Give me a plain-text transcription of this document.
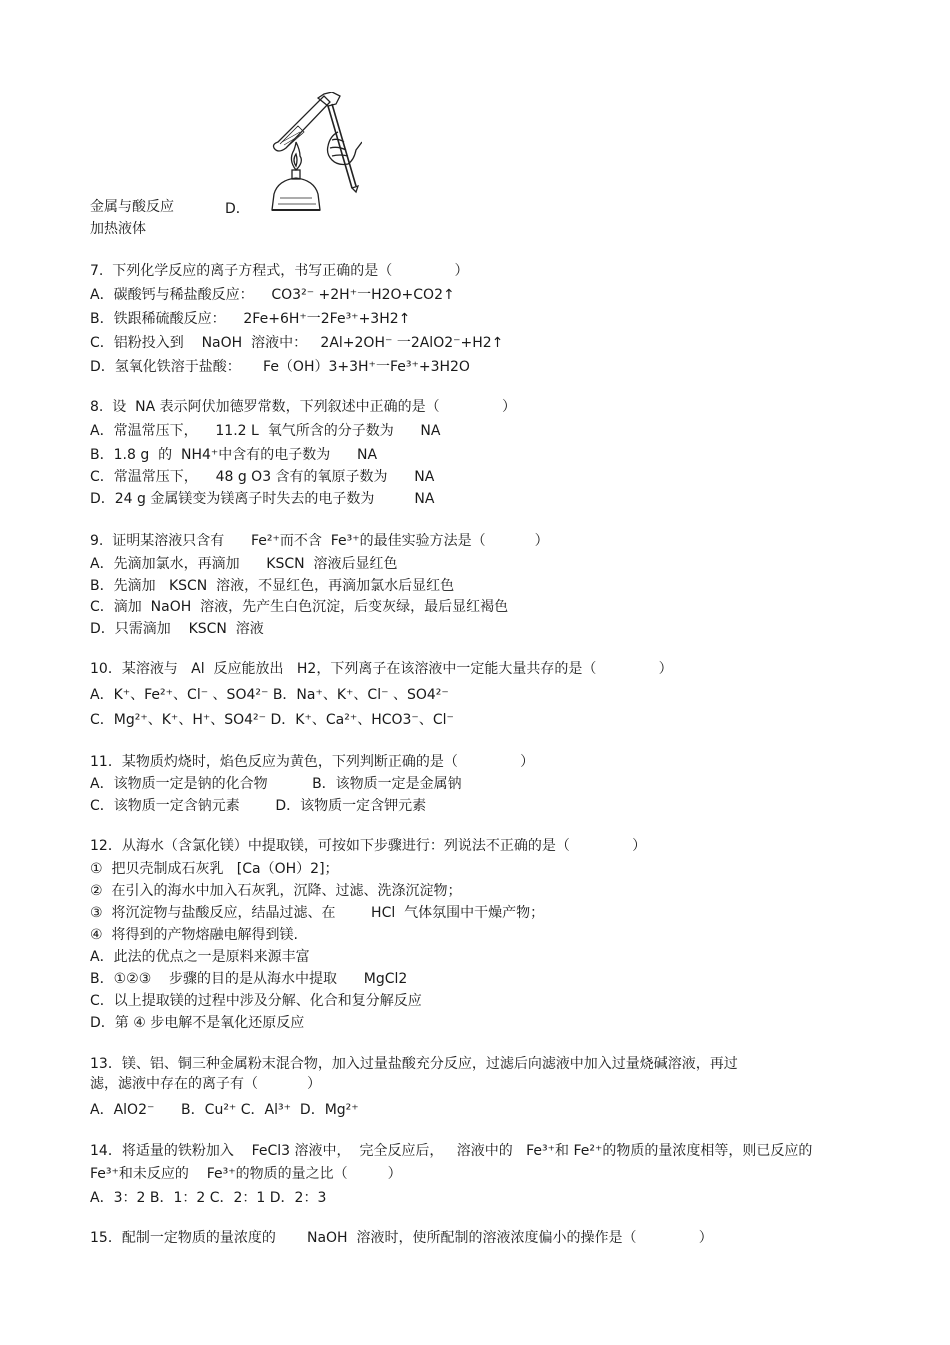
金属与酸反应	D．
加热液体
7.  下列化学反应的离子方程式，书写正确的是（              ）
A．碳酸钙与稀盐酸反应：    CO3²⁻ +2H⁺一H2O+CO2↑
B．铁跟稀硫酸反应：    2Fe+6H⁺一2Fe³⁺+3H2↑
C．铝粉投入到    NaOH  溶液中：   2Al+2OH⁻ 一2AlO2⁻+H2↑
D．氢氧化铁溶于盐酸：     Fe（OH）3+3H⁺一Fe³⁺+3H2O
8.  设  NA 表示阿伏加德罗常数，下列叙述中正确的是（              ）
A．常温常压下，    11.2 L  氧气所含的分子数为      NA
B．1.8 g  的  NH4⁺中含有的电子数为      NA
C．常温常压下，    48 g O3 含有的氧原子数为      NA
D．24 g 金属镁变为镁离子时失去的电子数为         NA
9.  证明某溶液只含有      Fe²⁺而不含  Fe³⁺的最佳实验方法是（           ）
A．先滴加氯水，再滴加      KSCN  溶液后显红色
B．先滴加   KSCN  溶液，不显红色，再滴加氯水后显红色
C．滴加  NaOH  溶液，先产生白色沉淀，后变灰绿，最后显红褐色
D．只需滴加    KSCN  溶液
10．某溶液与   Al  反应能放出   H2，下列离子在该溶液中一定能大量共存的是（              ）
A．K⁺、Fe²⁺、Cl⁻ 、SO4²⁻ B．Na⁺、K⁺、Cl⁻ 、SO4²⁻
C．Mg²⁺、K⁺、H⁺、SO4²⁻ D．K⁺、Ca²⁺、HCO3⁻、Cl⁻
11．某物质灼烧时，焰色反应为黄色，下列判断正确的是（              ）
A．该物质一定是钠的化合物          B．该物质一定是金属钠
C．该物质一定含钠元素        D．该物质一定含钾元素
12．从海水（含氯化镁）中提取镁，可按如下步骤进行：列说法不正确的是（              ）
①  把贝壳制成石灰乳   [Ca（OH）2]；
②  在引入的海水中加入石灰乳，沉降、过滤、洗涤沉淀物；
③  将沉淀物与盐酸反应，结晶过滤、在        HCl  气体氛围中干燥产物；
④  将得到的产物熔融电解得到镁.
A．此法的优点之一是原料来源丰富
B．①②③    步骤的目的是从海水中提取      MgCl2
C．以上提取镁的过程中涉及分解、化合和复分解反应
D．第 ④ 步电解不是氧化还原反应
13．镁、铝、铜三种金属粉末混合物，加入过量盐酸充分反应，过滤后向滤液中加入过量烧碱溶液，再过
滤，滤液中存在的离子有（           ）
A．AlO2⁻      B．Cu²⁺ C．Al³⁺  D．Mg²⁺
14．将适量的铁粉加入    FeCl3 溶液中，  完全反应后，   溶液中的   Fe³⁺和 Fe²⁺的物质的量浓度相等，则已反应的
Fe³⁺和未反应的    Fe³⁺的物质的量之比（         ）
A．3：2 B．1：2 C．2：1 D．2：3
15．配制一定物质的量浓度的       NaOH  溶液时，使所配制的溶液浓度偏小的操作是（              ）
